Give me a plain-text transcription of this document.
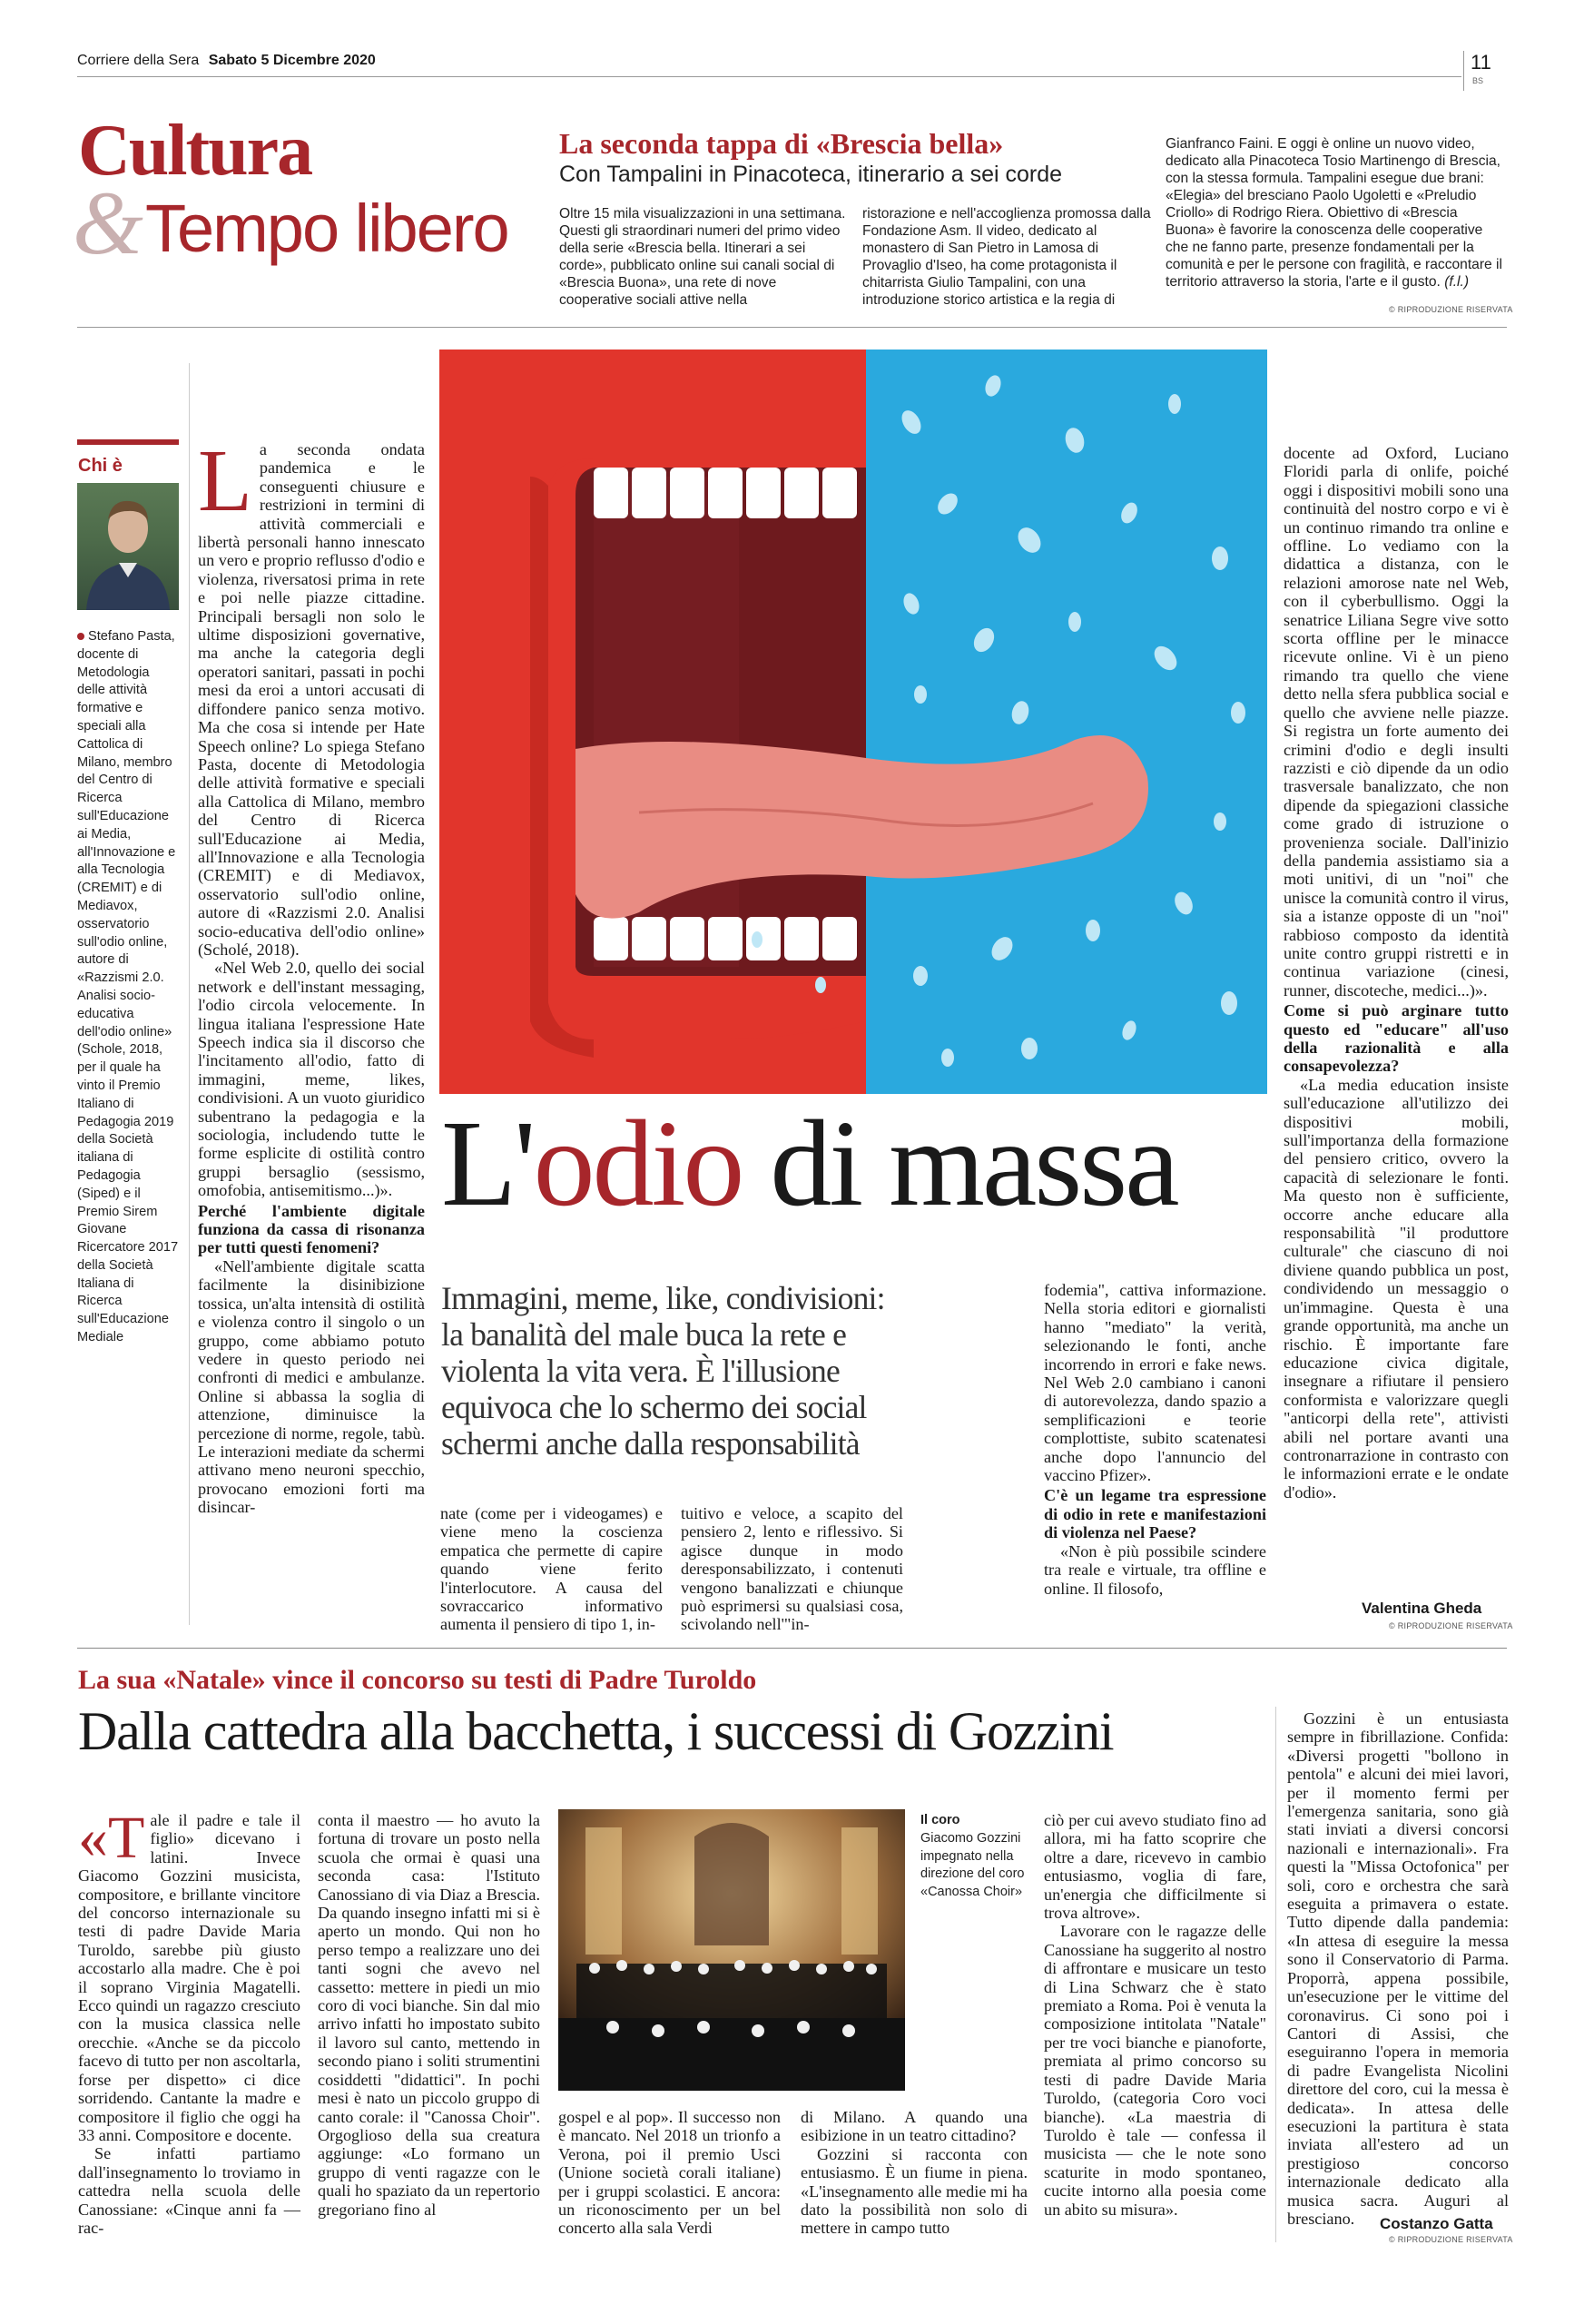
Corriere della Sera Sabato 5 Dicembre 2020	11
BS
Cultura
& Tempo libero
La seconda tappa di «Brescia bella»
Con Tampalini in Pinacoteca, itinerario a sei corde
Oltre 15 mila visualizzazioni in una settimana. Questi gli straordinari numeri del primo video della serie «Brescia bella. Itinerari a sei corde», pubblicato online sui canali social di «Brescia Buona», una rete di nove cooperative sociali attive nella
ristorazione e nell'accoglienza promossa dalla Fondazione Asm. Il video, dedicato al monastero di San Pietro in Lamosa di Provaglio d'Iseo, ha come protagonista il chitarrista Giulio Tampalini, con una introduzione storico artistica e la regia di
Gianfranco Faini. E oggi è online un nuovo video, dedicato alla Pinacoteca Tosio Martinengo di Brescia, con la stessa formula. Tampalini esegue due brani: «Elegia» del bresciano Paolo Ugoletti e «Preludio Criollo» di Rodrigo Riera. Obiettivo di «Brescia Buona» è favorire la conoscenza delle cooperative che ne fanno parte, presenze fondamentali per la comunità e per le persone con fragilità, e raccontare il territorio attraverso la storia, l'arte e il gusto. (f.l.)
© RIPRODUZIONE RISERVATA
Chi è
Stefano Pasta, docente di Metodologia delle attività formative e speciali alla Cattolica di Milano, membro del Centro di Ricerca sull'Educazione ai Media, all'Innovazione e alla Tecnologia (CREMIT) e di Mediavox, osservatorio sull'odio online, autore di «Razzismi 2.0. Analisi socio-educativa dell'odio online» (Schole, 2018, per il quale ha vinto il Premio Italiano di Pedagogia 2019 della Società italiana di Pedagogia (Siped) e il Premio Sirem Giovane Ricercatore 2017 della Società Italiana di Ricerca sull'Educazione Mediale
L'odio di massa
Immagini, meme, like, condivisioni: la banalità del male buca la rete e violenta la vita vera. È l'illusione equivoca che lo schermo dei social schermi anche dalla responsabilità
L a seconda ondata pandemica e le conseguenti chiusure e restrizioni in termini di attività commerciali e libertà personali hanno innescato un vero e proprio reflusso d'odio e violenza, riversatosi prima in rete e poi nelle piazze cittadine. Principali bersagli non solo le ultime disposizioni governative, ma anche la categoria degli operatori sanitari, passati in pochi mesi da eroi a untori accusati di diffondere panico senza motivo. Ma che cosa si intende per Hate Speech online? Lo spiega Stefano Pasta, docente di Metodologia delle attività formative e speciali alla Cattolica di Milano, membro del Centro di Ricerca sull'Educazione ai Media, all'Innovazione e alla Tecnologia (CREMIT) e di Mediavox, osservatorio sull'odio online, autore di «Razzismi 2.0. Analisi socio-educativa dell'odio online» (Scholé, 2018).

«Nel Web 2.0, quello dei social network e dell'instant messaging, l'odio circola velocemente. In lingua italiana l'espressione Hate Speech indica sia il discorso che l'incitamento all'odio, fatto di immagini, meme, likes, condivisioni. A un vuoto giuridico subentrano la pedagogia e la sociologia, includendo tutte le forme esplicite di ostilità contro gruppi bersaglio (sessismo, omofobia, antisemitismo...)».

Perché l'ambiente digitale funziona da cassa di risonanza per tutti questi fenomeni?

«Nell'ambiente digitale scatta facilmente la disinibizione tossica, un'alta intensità di ostilità e violenza contro il singolo o un gruppo, come abbiamo potuto vedere in questo periodo nei confronti di medici e ambulanze. Online si abbassa la soglia di attenzione, diminuisce la percezione di norme, regole, tabù. Le interazioni mediate da schermi attivano meno neuroni specchio, provocano emozioni forti ma disincar-	nate (come per i videogames) e viene meno la coscienza empatica che permette di capire quando viene ferito l'interlocutore. A causa del sovraccarico informativo aumenta il pensiero di tipo 1, in-

tuitivo e veloce, a scapito del pensiero 2, lento e riflessivo. Si agisce dunque in modo deresponsabilizzato, i contenuti vengono banalizzati e chiunque può esprimersi su qualsiasi cosa, scivolando nell'"in-

fodemia", cattiva informazione. Nella storia editori e giornalisti hanno "mediato" la verità, selezionando le fonti, anche incorrendo in errori e fake news. Nel Web 2.0 cambiano i canoni di autorevolezza, dando spazio a semplificazioni e teorie complottiste, subito scatenatesi anche dopo l'annuncio del vaccino Pfizer».

C'è un legame tra espressione di odio in rete e manifestazioni di violenza nel Paese?

«Non è più possibile scindere tra reale e virtuale, tra offline e online. Il filosofo,

docente ad Oxford, Luciano Floridi parla di onlife, poiché oggi i dispositivi mobili sono una continuità del nostro corpo e vi è un continuo rimando tra online e offline. Lo vediamo con la didattica a distanza, con le relazioni amorose nate nel Web, con il cyberbullismo. Oggi la senatrice Liliana Segre vive sotto scorta offline per le minacce ricevute online. Vi è un pieno rimando tra quello che viene detto nella sfera pubblica social e quello che avviene nelle piazze. Si registra un forte aumento dei crimini d'odio e degli insulti razzisti e ciò dipende da un odio trasversale banalizzato, che non dipende da spiegazioni classiche come grado di istruzione o provenienza sociale. Dall'inizio della pandemia assistiamo sia a moti unitivi, di un "noi" che unisce la comunità contro il virus, sia a istanze opposte di un "noi" rabbioso composto da identità unite contro gruppi ristretti e in continua variazione (cinesi, runner, discoteche, medici...)».

Come si può arginare tutto questo ed "educare" all'uso della razionalità e alla consapevolezza?

«La media education insiste sull'educazione all'utilizzo dei dispositivi mobili, sull'importanza della formazione del pensiero critico, ovvero la capacità di selezionare le fonti. Ma questo non è sufficiente, occorre anche educare alla responsabilità "il produttore culturale" che ciascuno di noi diviene quando pubblica un post, condividendo un messaggio o un'immagine. Questa è una grande opportunità, ma anche un rischio. È importante fare educazione civica digitale, insegnare a rifiutare il pensiero conformista e valorizzare quegli "anticorpi della rete", attivisti abili nel portare avanti una contronarrazione in contrasto con le informazioni errate e le ondate d'odio».

Valentina Gheda
© RIPRODUZIONE RISERVATA
La sua «Natale» vince il concorso su testi di Padre Turoldo
Dalla cattedra alla bacchetta, i successi di Gozzini
«T ale il padre e tale il figlio» dicevano i latini. Invece Giacomo Gozzini musicista, compositore, e brillante vincitore del concorso internazionale su testi di padre Davide Maria Turoldo, sarebbe più giusto accostarlo alla madre. Che è poi il soprano Virginia Magatelli. Ecco quindi un ragazzo cresciuto con la musica classica nelle orecchie. «Anche se da piccolo facevo di tutto per non ascoltarla, forse per dispetto» ci dice sorridendo. Cantante la madre e compositore il figlio che oggi ha 33 anni. Compositore e docente.

Se infatti partiamo dall'insegnamento lo troviamo in cattedra nella scuola delle Canossiane: «Cinque anni fa — rac-

conta il maestro — ho avuto la fortuna di trovare un posto nella scuola che ormai è quasi una seconda casa: l'Istituto Canossiano di via Diaz a Brescia. Da quando insegno infatti mi si è aperto un mondo. Qui non ho perso tempo a realizzare uno dei tanti sogni che avevo nel cassetto: mettere in piedi un mio coro di voci bianche. Sin dal mio arrivo infatti ho impostato subito il lavoro sul canto, mettendo in secondo piano i soliti strumentini cosiddetti "didattici". In pochi mesi è nato un piccolo gruppo di canto corale: il "Canossa Choir". Orgoglioso della sua creatura aggiunge: «Lo formano un gruppo di venti ragazze con le quali ho spaziato da un repertorio gregoriano fino al

Il coro
Giacomo Gozzini impegnato nella direzione del coro «Canossa Choir»

gospel e al pop». Il successo non è mancato. Nel 2018 un trionfo a Verona, poi il premio Usci (Unione società corali italiane) per i gruppi scolastici. E ancora: un riconoscimento per un bel concerto alla sala Verdi

di Milano. A quando una esibizione in un teatro cittadino?

Gozzini si racconta con entusiasmo. È un fiume in piena. «L'insegnamento alle medie mi ha dato la possibilità non solo di mettere in campo tutto

ciò per cui avevo studiato fino ad allora, mi ha fatto scoprire che oltre a dare, ricevevo in cambio entusiasmo, voglia di fare, un'energia che difficilmente si trova altrove».

Lavorare con le ragazze delle Canossiane ha suggerito al nostro di affrontare e musicare un testo di Lina Schwarz che è stato premiato a Roma. Poi è venuta la composizione intitolata "Natale" per tre voci bianche e pianoforte, premiata al primo concorso su testi di padre Davide Maria Turoldo, (categoria Coro voci bianche). «La maestria di Turoldo è tale — confessa il musicista — che le note sono scaturite in modo spontaneo, cucite intorno alla poesia come un abito su misura».

Gozzini è un entusiasta sempre in fibrillazione. Confida: «Diversi progetti "bollono in pentola" e alcuni dei miei lavori, per il momento fermi per l'emergenza sanitaria, sono già stati inviati a diversi concorsi nazionali e internazionali». Fra questi la "Missa Octofonica" per soli, coro e orchestra che sarà eseguita a primavera o estate. Tutto dipende dalla pandemia: «In attesa di eseguire la messa sono il Conservatorio di Parma. Proporrà, appena possibile, un'esecuzione per le vittime del coronavirus. Ci sono poi i Cantori di Assisi, che eseguiranno l'opera in memoria di padre Evangelista Nicolini direttore del coro, cui la messa è dedicata». In attesa delle esecuzioni la partitura è stata inviata all'estero ad un prestigioso concorso internazionale dedicato alla musica sacra. Auguri al bresciano.	Costanzo Gatta
© RIPRODUZIONE RISERVATA
